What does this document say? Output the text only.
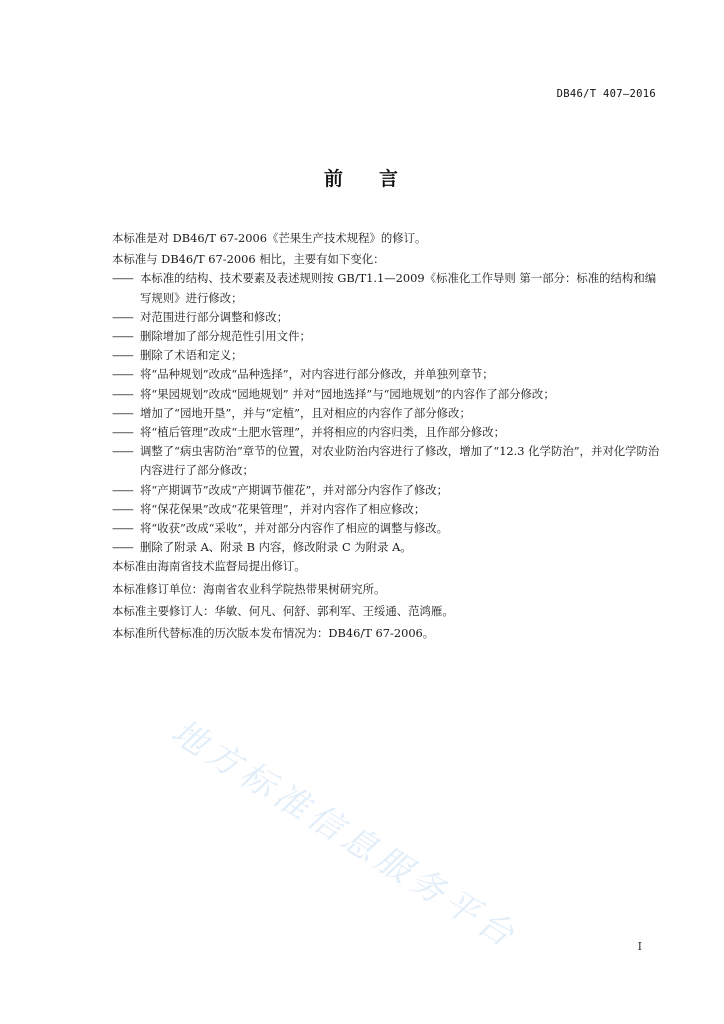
DB46/T 407—2016
前 言

本标准是对 DB46/T 67-2006《芒果生产技术规程》的修订。

本标准与 DB46/T 67-2006 相比，主要有如下变化：

—— 本标准的结构、技术要素及表述规则按 GB/T1.1—2009《标准化工作导则 第一部分：标准的结构和编写规则》进行修改；
—— 对范围进行部分调整和修改；
—— 删除增加了部分规范性引用文件；
—— 删除了术语和定义；
—— 将“品种规划”改成“品种选择”，对内容进行部分修改，并单独列章节；
—— 将“果园规划”改成“园地规划” 并对“园地选择”与“园地规划”的内容作了部分修改；
—— 增加了“园地开垦”，并与“定植”，且对相应的内容作了部分修改；
—— 将“植后管理”改成“土肥水管理”，并将相应的内容归类，且作部分修改；
—— 调整了“病虫害防治”章节的位置，对农业防治内容进行了修改，增加了“12.3 化学防治”，并对化学防治内容进行了部分修改；
—— 将“产期调节”改成“产期调节催花”，并对部分内容作了修改；
—— 将“保花保果”改成“花果管理”，并对内容作了相应修改；
—— 将“收获”改成“采收”，并对部分内容作了相应的调整与修改。
—— 删除了附录 A、附录 B 内容，修改附录 C 为附录 A。

本标准由海南省技术监督局提出修订。

本标准修订单位：海南省农业科学院热带果树研究所。

本标准主要修订人：华敏、何凡、何舒、郭利军、王绥通、范鸿雁。

本标准所代替标准的历次版本发布情况为：DB46/T 67-2006。

地方标准信息服务平台	I
